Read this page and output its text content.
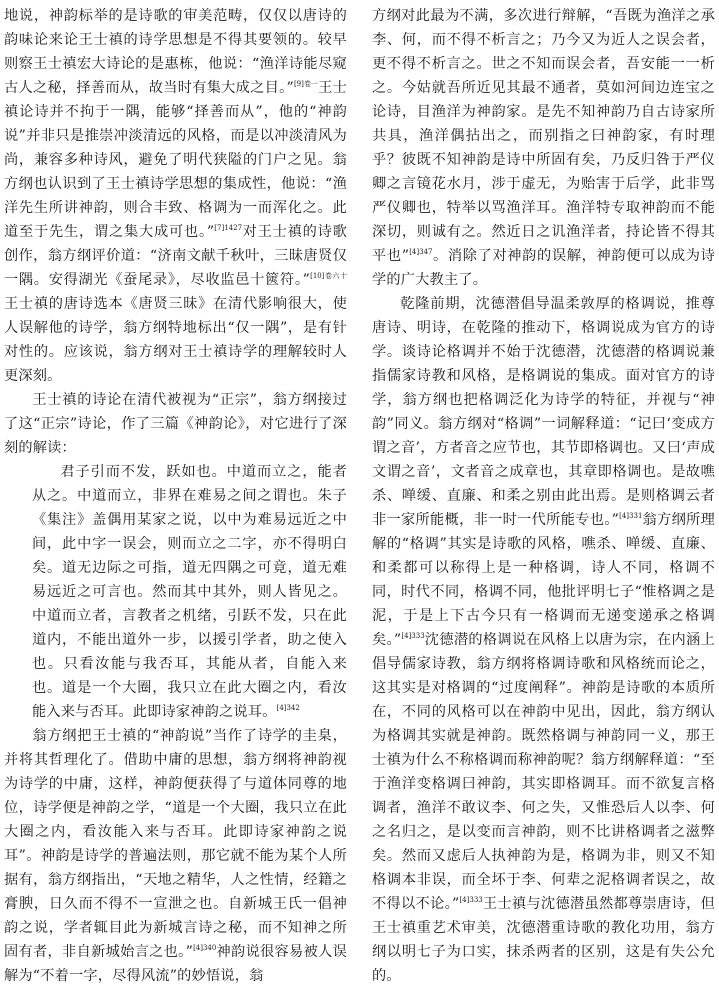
地说，神韵标举的是诗歌的审美范畴，仅仅以唐诗的韵味论来论王士禛的诗学思想是不得其要领的。较早则察王士禛宏大诗论的是惠栋，他说：“渔洋诗能尽窥古人之秘，择善而从，故当时有集大成之目。”$^{[9]卷一}$王士禛论诗并不拘于一隅，能够“择善而从”，他的“神韵说”并非只是推崇冲淡清远的风格，而是以冲淡清风为尚，兼容多种诗风，避免了明代狭隘的门户之见。翁方纲也认识到了王士禛诗学思想的集成性，他说：“渔洋先生所讲神韵，则合丰致、格调为一而浑化之。此道至于先生，谓之集大成可也。”$^{[7]1427}$对王士禛的诗歌创作，翁方纲评价道：“济南文献千秋叶，三昧唐贤仅一隅。安得湖光《蚕尾录》，尽收监邑十篋符。”$^{[10]卷六十}$王士禛的唐诗选本《唐贤三昧》在清代影响很大，使人误解他的诗学，翁方纲特地标出“仅一隅”，是有针对性的。应该说，翁方纲对王士禛诗学的理解较时人更深刻。

王士禛的诗论在清代被视为“正宗”，翁方纲接过了这“正宗”诗论，作了三篇《神韵论》，对它进行了深刻的解读：

君子引而不发，跃如也。中道而立之，能者从之。中道而立，非界在难易之间之谓也。朱子《集注》盖偶用某家之说，以中为难易远近之中间，此中字一误会，则而立之二字，亦不得明白矣。道无边际之可指，道无四隅之可竟，道无难易远近之可言也。然而其中其外，则人皆见之。中道而立者，言教者之机绪，引跃不发，只在此道内，不能出道外一步，以援引学者，助之使入也。只看汝能与我否耳，其能从者，自能入来也。道是一个大圈，我只立在此大圈之内，看汝能入来与否耳。此即诗家神韵之说耳。$^{[4]342}$

翁方纲把王士禛的“神韵说”当作了诗学的圭臬，并将其哲理化了。借助中庸的思想，翁方纲将神韵视为诗学的中庸，这样，神韵便获得了与道体同尊的地位，诗学便是神韵之学，“道是一个大圈，我只立在此大圈之内，看汝能入来与否耳。此即诗家神韵之说耳”。神韵是诗学的普遍法则，那它就不能为某个人所据有，翁方纲指出，“天地之精华，人之性情，经籍之膏腴，日久而不得不一宣泄之也。自新城王氏一倡神韵之说，学者辄目此为新城言诗之秘，而不知神之所固有者，非自新城始言之也。”$^{[4]340}$神韵说很容易被人误解为“不着一字，尽得风流”的妙悟说，翁

方纲对此最为不满，多次进行辩解，“吾既为渔洋之承李、何，而不得不析言之；乃今又为近人之误会者，更不得不析言之。世之不知而误会者，吾安能一一析之。今姑就吾所近见其最不通者，莫如河间边连宝之论诗，目渔洋为神韵家。是先不知神韵乃自古诗家所共具，渔洋偶拈出之，而别指之曰神韵家，有时理乎？彼既不知神韵是诗中所固有矣，乃反归咎于严仪卿之言镜花水月，涉于虚无，为贻害于后学，此非骂严仪卿也，特举以骂渔洋耳。渔洋特专取神韵而不能深切，则诚有之。然近日之讥渔洋者，持论皆不得其平也”$^{[4]347}$。消除了对神韵的误解，神韵便可以成为诗学的广大教主了。

乾隆前期，沈德潜倡导温柔敦厚的格调说，推尊唐诗、明诗，在乾隆的推动下，格调说成为官方的诗学。谈诗论格调并不始于沈德潜，沈德潜的格调说兼指儒家诗教和风格，是格调说的集成。面对官方的诗学，翁方纲也把格调泛化为诗学的特征，并视与“神韵”同义。翁方纲对“格调”一词解释道：“记曰‘变成方谓之音’，方者音之应节也，其节即格调也。又曰‘声成文谓之音’，文者音之成章也，其章即格调也。是故噍杀、啴缓、直廉、和柔之别由此出焉。是则格调云者非一家所能概，非一时一代所能专也。”$^{[4]331}$翁方纲所理解的“格调”其实是诗歌的风格，噍杀、啴缓、直廉、和柔都可以称得上是一种格调，诗人不同，格调不同，时代不同，格调不同，他批评明七子“惟格调之是泥，于是上下古今只有一格调而无递变递承之格调矣。”$^{[4]333}$沈德潜的格调说在风格上以唐为宗，在内涵上倡导儒家诗教，翁方纲将格调诗歌和风格统而论之，这其实是对格调的“过度阐释”。神韵是诗歌的本质所在，不同的风格可以在神韵中见出，因此，翁方纲认为格调其实就是神韵。既然格调与神韵同一义，那王士禛为什么不称格调而称神韵呢？翁方纲解释道：“至于渔洋变格调曰神韵，其实即格调耳。而不欲复言格调者，渔洋不敢议李、何之失，又惟恐后人以李、何之名归之，是以变而言神韵，则不比讲格调者之滋弊矣。然而又虑后人执神韵为是，格调为非，则又不知格调本非误，而全坏于李、何辈之泥格调者误之，故不得以不论。”$^{[4]333}$王士禛与沈德潜虽然都尊崇唐诗，但王士禛重艺术审美，沈德潜重诗歌的教化功用，翁方纲以明七子为口实，抹杀两者的区别，这是有失公允的。
